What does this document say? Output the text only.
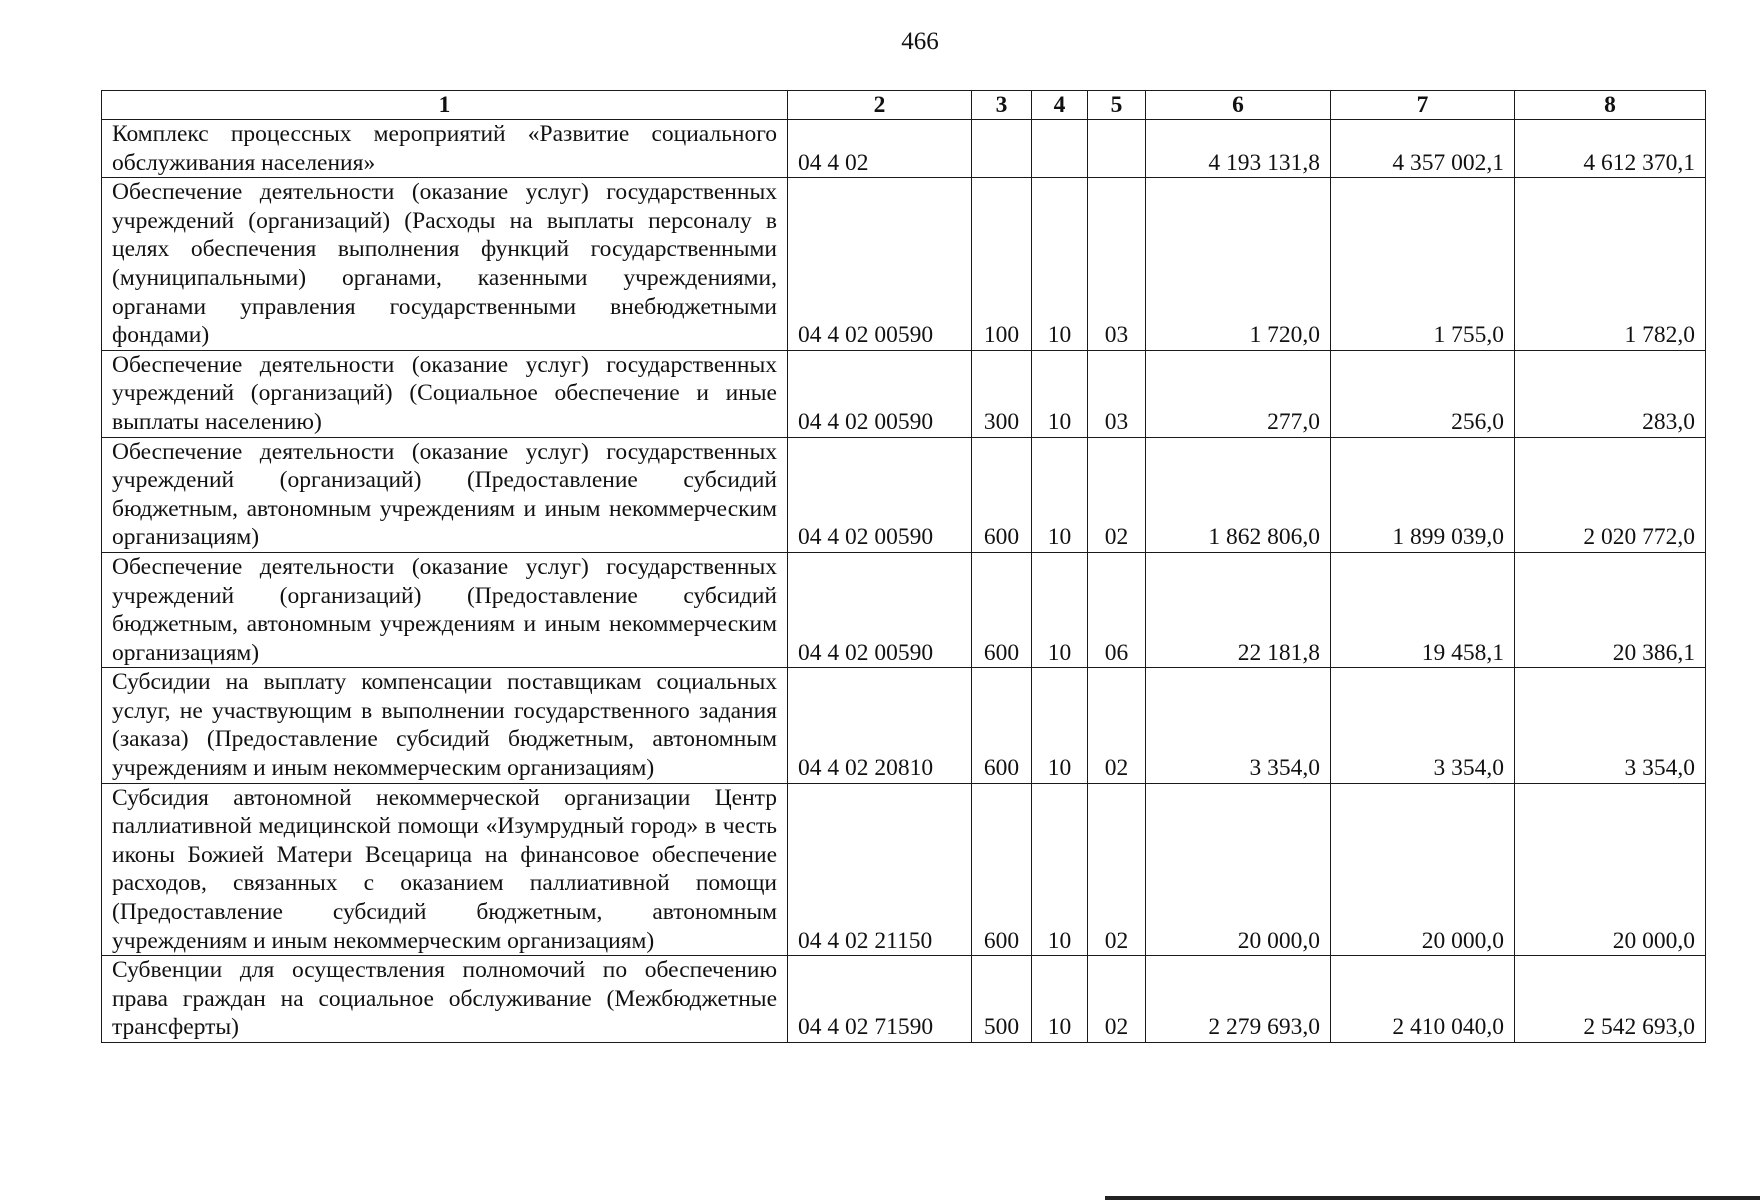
466
1	2	3	4	5	6	7	8
Комплекс процессных мероприятий «Развитие социального обслуживания населения»	04 4 02				4 193 131,8	4 357 002,1	4 612 370,1
Обеспечение деятельности (оказание услуг) государственных учреждений (организаций) (Расходы на выплаты персоналу в целях обеспечения выполнения функций государственными (муниципальными) органами, казенными учреждениями, органами управления государственными внебюджетными фондами)	04 4 02 00590	100	10	03	1 720,0	1 755,0	1 782,0
Обеспечение деятельности (оказание услуг) государственных учреждений (организаций) (Социальное обеспечение и иные выплаты населению)	04 4 02 00590	300	10	03	277,0	256,0	283,0
Обеспечение деятельности (оказание услуг) государственных учреждений (организаций) (Предоставление субсидий бюджетным, автономным учреждениям и иным некоммерческим организациям)	04 4 02 00590	600	10	02	1 862 806,0	1 899 039,0	2 020 772,0
Обеспечение деятельности (оказание услуг) государственных учреждений (организаций) (Предоставление субсидий бюджетным, автономным учреждениям и иным некоммерческим организациям)	04 4 02 00590	600	10	06	22 181,8	19 458,1	20 386,1
Субсидии на выплату компенсации поставщикам социальных услуг, не участвующим в выполнении государственного задания (заказа) (Предоставление субсидий бюджетным, автономным учреждениям и иным некоммерческим организациям)	04 4 02 20810	600	10	02	3 354,0	3 354,0	3 354,0
Субсидия автономной некоммерческой организации Центр паллиативной медицинской помощи «Изумрудный город» в честь иконы Божией Матери Всецарица на финансовое обеспечение расходов, связанных с оказанием паллиативной помощи (Предоставление субсидий бюджетным, автономным учреждениям и иным некоммерческим организациям)	04 4 02 21150	600	10	02	20 000,0	20 000,0	20 000,0
Субвенции для осуществления полномочий по обеспечению права граждан на социальное обслуживание (Межбюджетные трансферты)	04 4 02 71590	500	10	02	2 279 693,0	2 410 040,0	2 542 693,0
